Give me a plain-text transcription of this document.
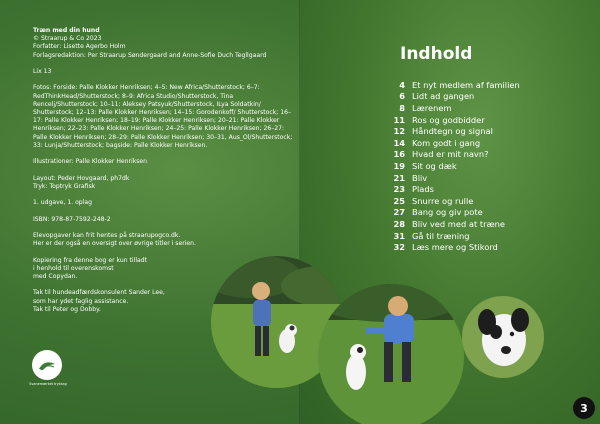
Træn med din hund

© Straarup & Co 2023

Forfatter: Lisette Agerbo Holm

Forlagsredaktion: Per Straarup Søndergaard and Anne-Sofie Duch Tegllgaard

Lix 13

Fotos: Forside: Palle Klokker Henriksen; 4–5: New Africa/Shutterstock; 6–7: RedThinkHead/Shutterstock; 8–9: Africa Studio/Shutterstock, Tina Rencelj/Shutterstock; 10–11: Aleksey Patsyuk/Shutterstock, ILya Soldatkin/ Shutterstock; 12–13: Palle Klokker Henriksen; 14–15: Gorodenkoff/ Shutterstock; 16–17: Palle Klokker Henriksen; 18–19: Palle Klokker Henriksen; 20–21: Palle Klokker Henriksen; 22–23: Palle Klokker Henriksen; 24–25: Palle Klokker Henriksen; 26–27: Palle Klokker Henriksen; 28–29: Palle Klokker Henriksen; 30–31, Aus_Ol/Shutterstock; 33: Lunja/Shutterstock; bagside: Palle Klokker Henriksen.

Illustrationer: Palle Klokker Henriksen

Layout: Peder Hovgaard, ph7dk

Tryk: Toptryk Grafisk

1. udgave, 1. oplag

ISBN: 978-87-7592-248-2

Elevopgaver kan frit hentes på straarupogco.dk.

Her er der også en oversigt over øvrige titler i serien.

Kopiering fra denne bog er kun tilladt

i henhold til overenskomst

med Copydan.

Tak til hundeadfærdskonsulent Sander Lee,

som har ydet faglig assistance.

Tak til Peter og Dobby.

Svanemærket tryksag
Indhold
4 Et nyt medlem af familien
6 Lidt ad gangen
8 Lærenem
11 Ros og godbidder
12 Håndtegn og signal
14 Kom godt i gang
16 Hvad er mit navn?
19 Sit og dæk
21 Bliv
23 Plads
25 Snurre og rulle
27 Bang og giv pote
28 Bliv ved med at træne
31 Gå til træning
32 Læs mere og Stikord
3
